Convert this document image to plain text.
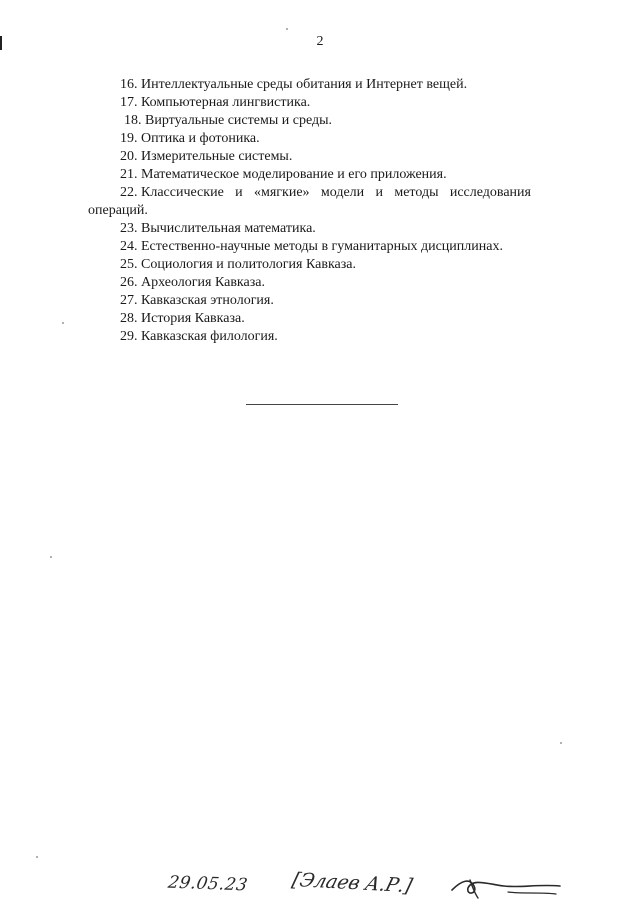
2
16. Интеллектуальные среды обитания и Интернет вещей.
17. Компьютерная лингвистика.
18. Виртуальные системы и среды.
19. Оптика и фотоника.
20. Измерительные системы.
21. Математическое моделирование и его приложения.
22. Классические и «мягкие» модели и методы исследования
операций.
23. Вычислительная математика.
24. Естественно-научные методы в гуманитарных дисциплинах.
25. Социология и политология Кавказа.
26. Археология Кавказа.
27. Кавказская этнология.
28. История Кавказа.
29. Кавказская филология.
29.05.23 [Элаев А.Р.]
